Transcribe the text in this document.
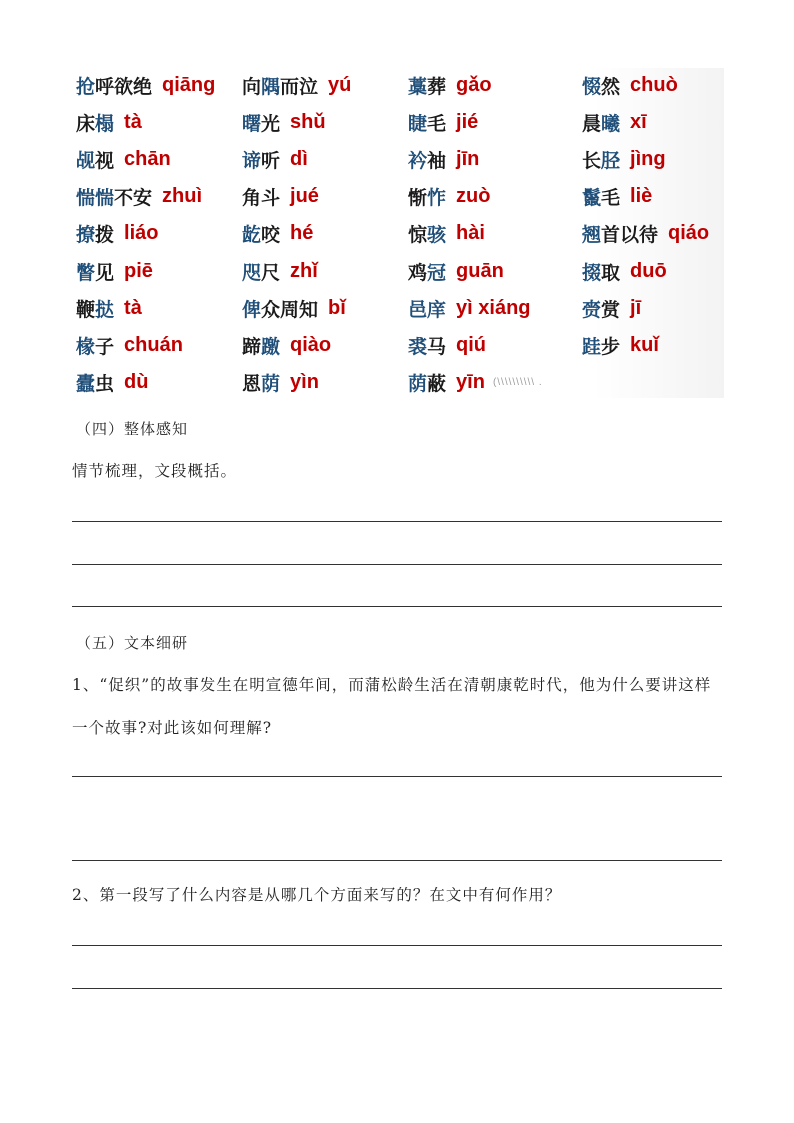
抢呼欲绝 qiāng 向隅而泣 yú	藁葬 gǎo	惙然 chuò
床榻 tà	曙光 shǔ	睫毛 jié	晨曦 xī
觇视 chān	谛听 dì	衿袖 jīn	长胫 jìng
惴惴不安 zhuì 角斗 jué	惭怍 zuò	鬣毛 liè
撩拨 liáo	龁咬 hé	惊骇 hài	翘首以待 qiáo
瞥见 piē	咫尺 zhǐ	鸡冠 guān	掇取 duō
鞭挞 tà	俾众周知 bǐ	邑庠 yì xiáng	赍赏 jī
椽子 chuán	蹄躈 qiào	裘马 qiú	跬步 kuǐ
蠹虫 dù	恩荫 yìn	荫蔽 yīn (\\\\\\\\\\ .
（四）整体感知
情节梳理，文段概括。
（五）文本细研
1、“促织”的故事发生在明宣德年间，而蒲松龄生活在清朝康乾时代，他为什么要讲这样一个故事?对此该如何理解?
2、第一段写了什么内容是从哪几个方面来写的？在文中有何作用？
